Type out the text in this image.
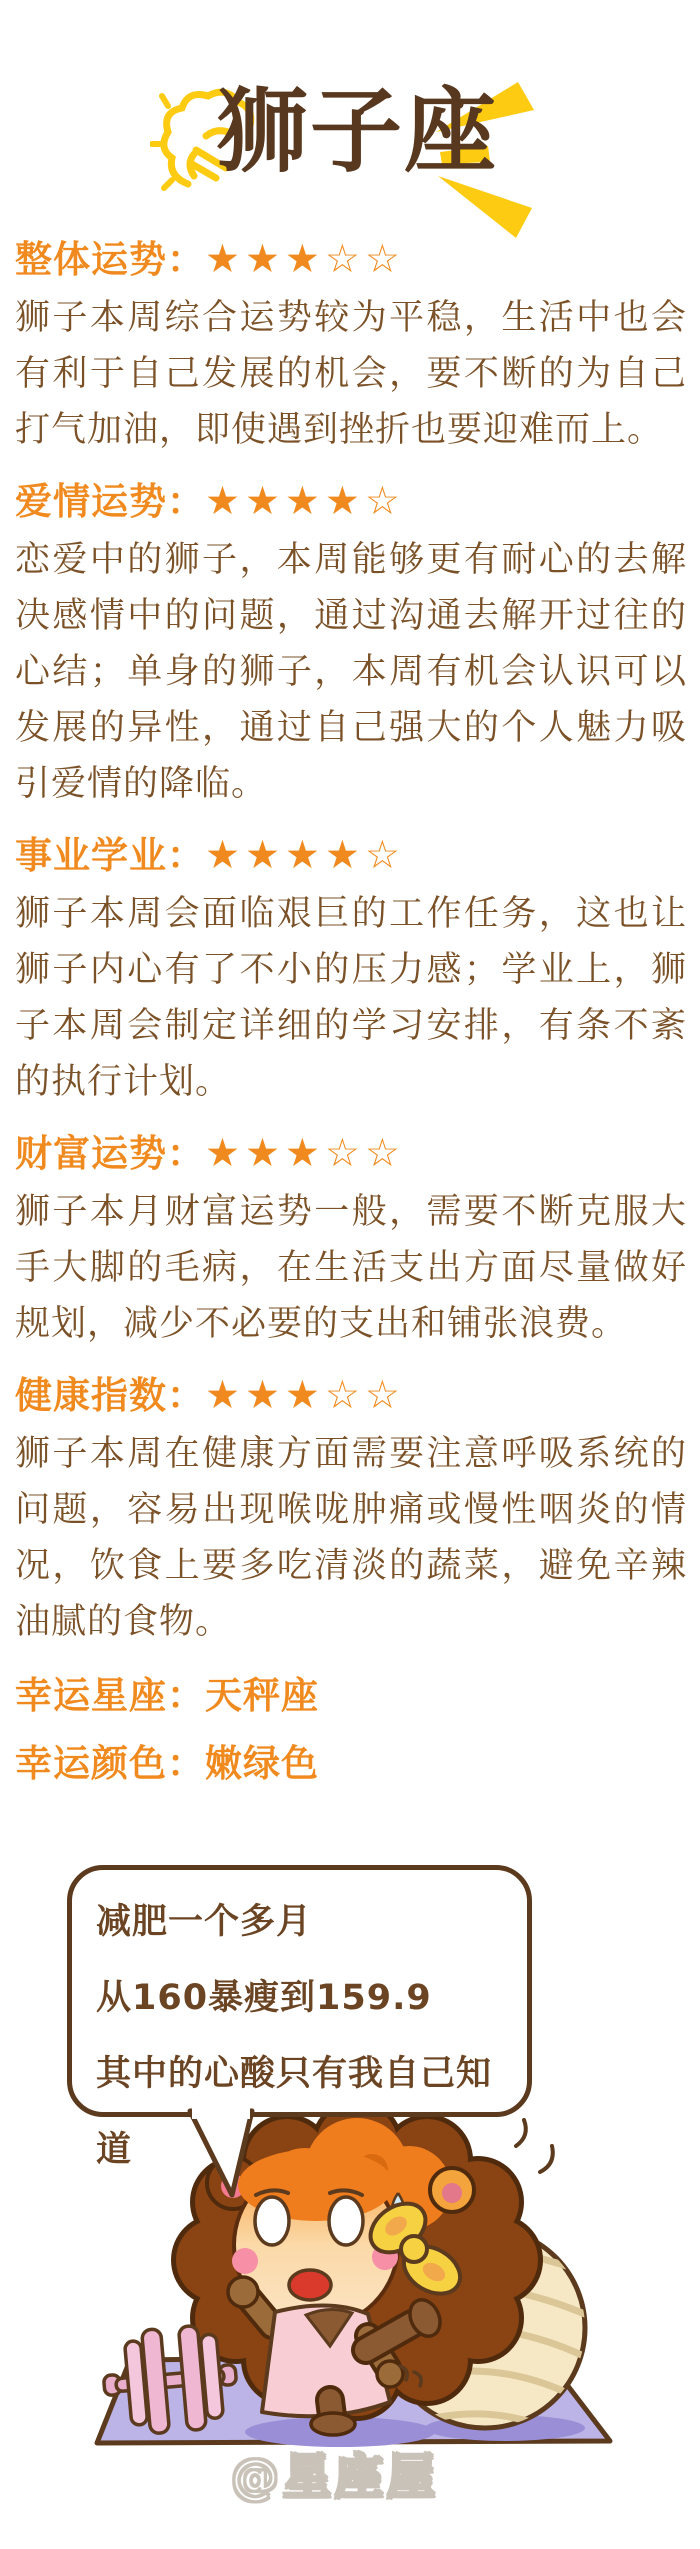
狮子座
整体运势：★★★☆☆

狮子本周综合运势较为平稳，生活中也会有利于自己发展的机会，要不断的为自己打气加油，即使遇到挫折也要迎难而上。

爱情运势：★★★★☆

恋爱中的狮子，本周能够更有耐心的去解决感情中的问题，通过沟通去解开过往的心结；单身的狮子，本周有机会认识可以发展的异性，通过自己强大的个人魅力吸引爱情的降临。

事业学业：★★★★☆

狮子本周会面临艰巨的工作任务，这也让狮子内心有了不小的压力感；学业上，狮子本周会制定详细的学习安排，有条不紊的执行计划。

财富运势：★★★☆☆

狮子本月财富运势一般，需要不断克服大手大脚的毛病，在生活支出方面尽量做好规划，减少不必要的支出和铺张浪费。

健康指数：★★★☆☆

狮子本周在健康方面需要注意呼吸系统的问题，容易出现喉咙肿痛或慢性咽炎的情况，饮食上要多吃清淡的蔬菜，避免辛辣油腻的食物。

幸运星座：天秤座
幸运颜色：嫩绿色
减肥一个多月
从160暴瘦到159.9
其中的心酸只有我自己知道
@星座屋
